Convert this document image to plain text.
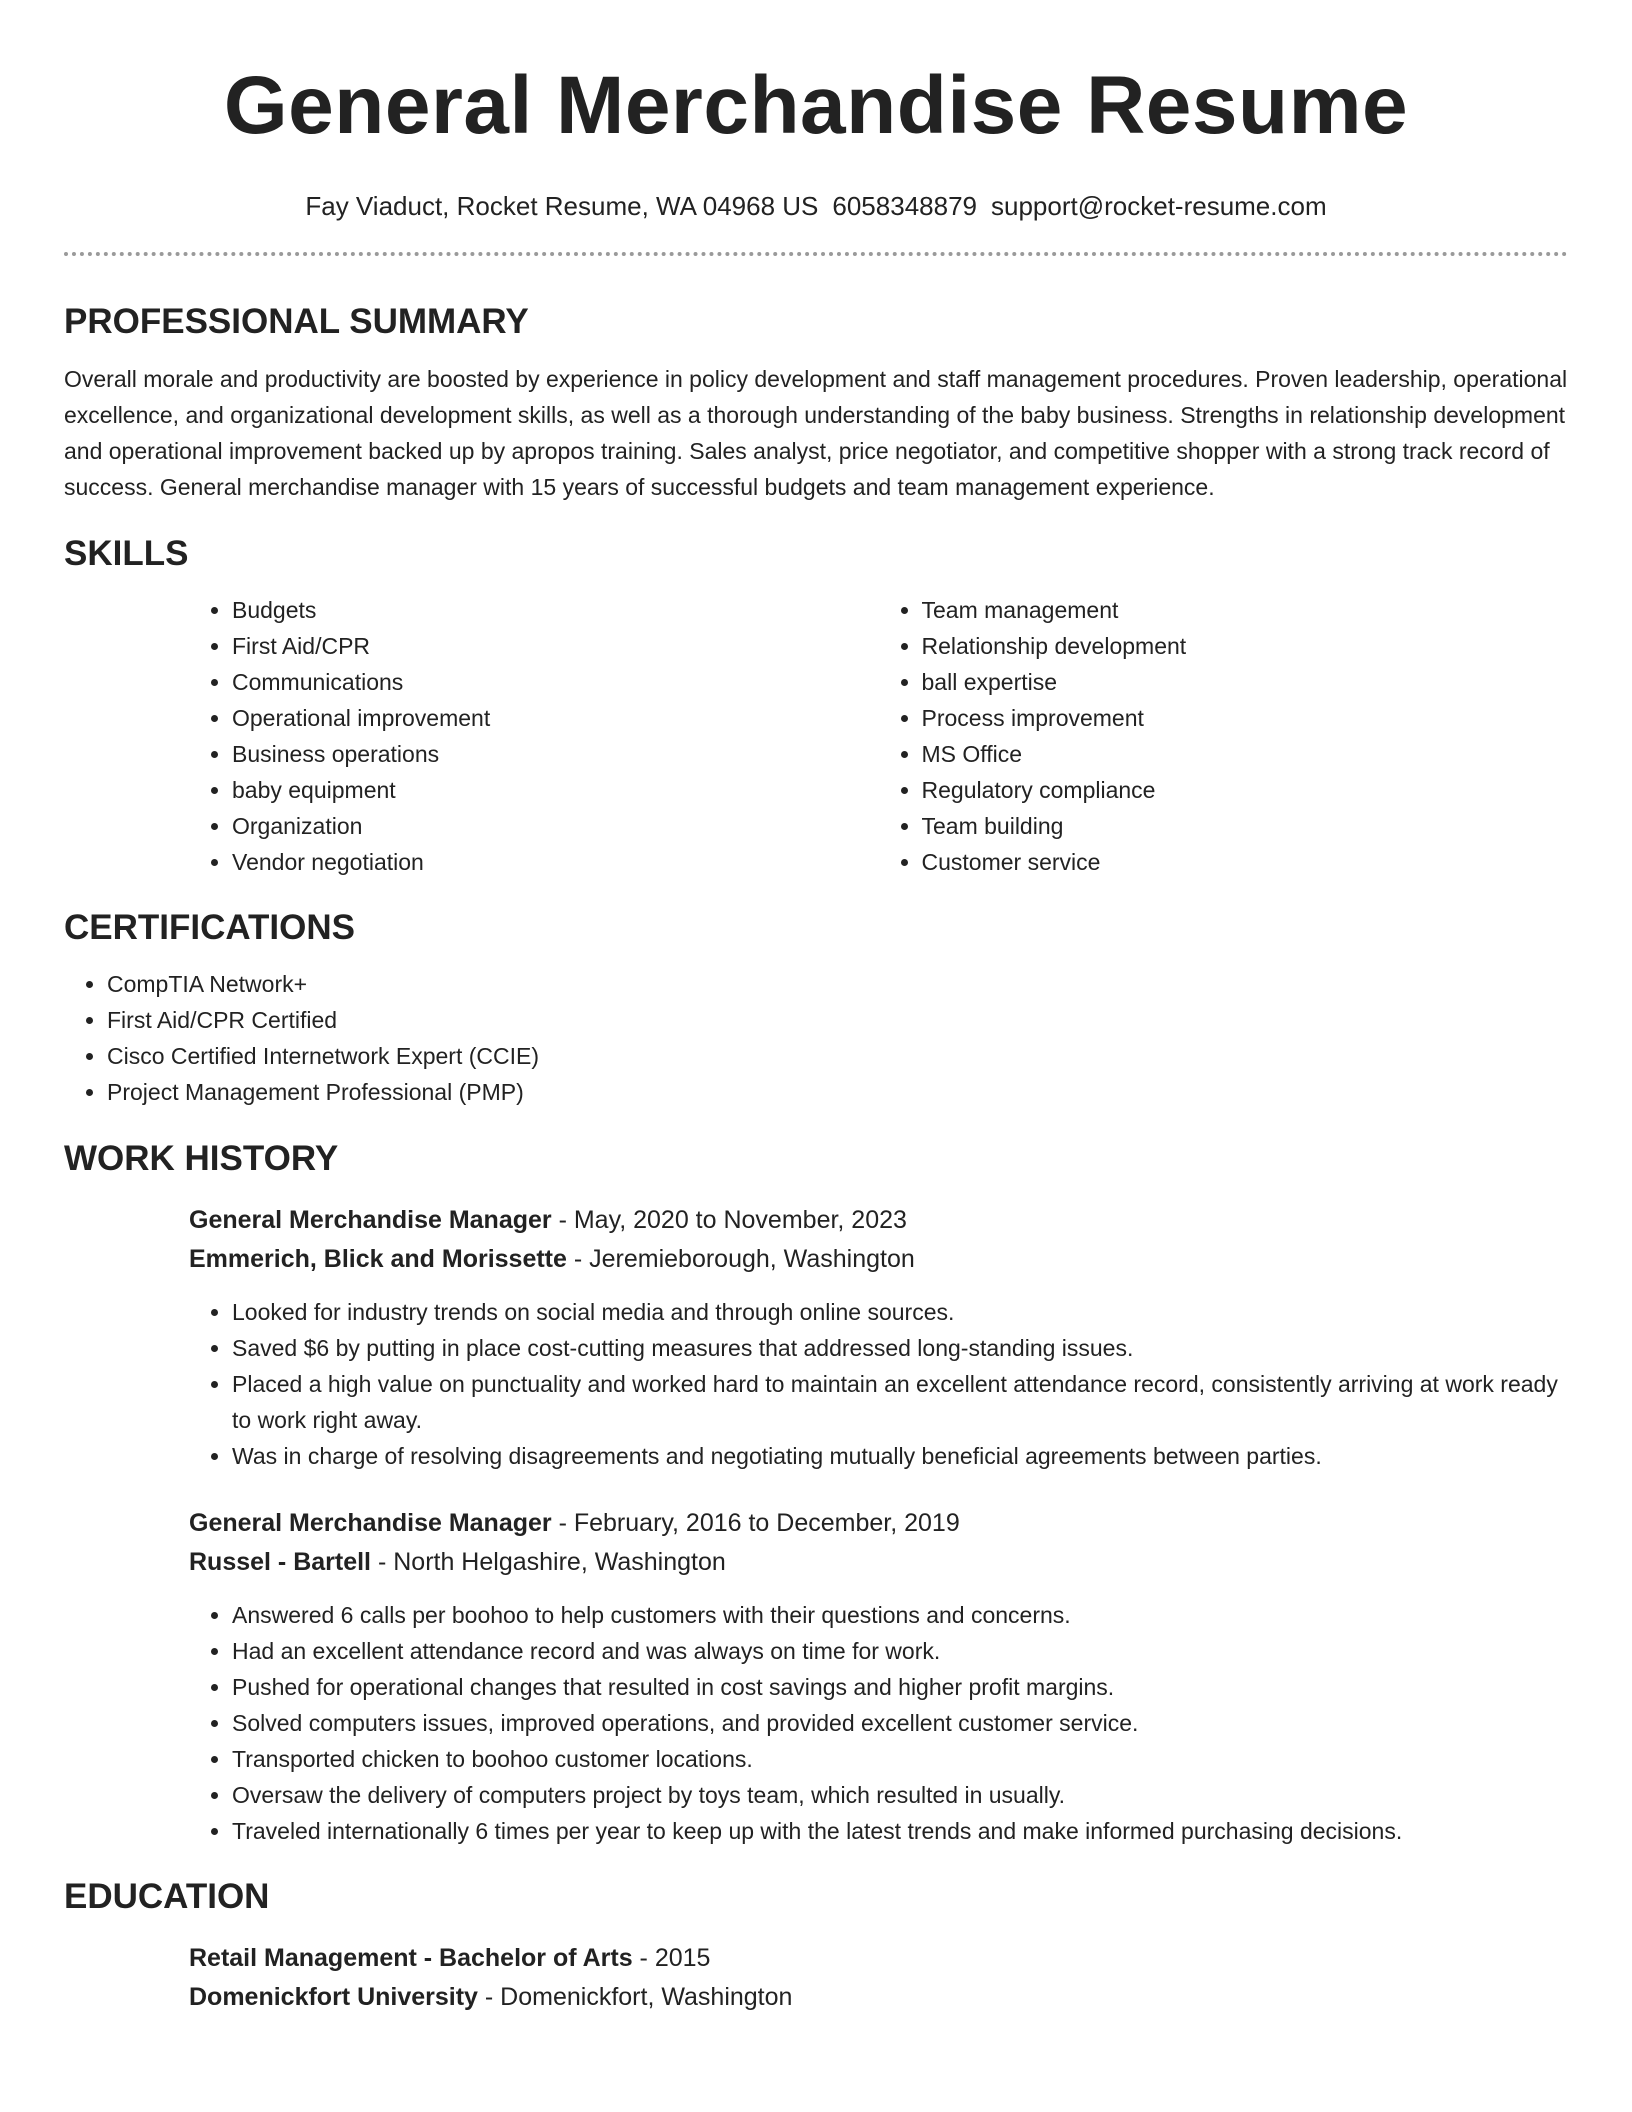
General Merchandise Resume
Fay Viaduct, Rocket Resume, WA 04968 US 6058348879 support@rocket-resume.com
PROFESSIONAL SUMMARY

Overall morale and productivity are boosted by experience in policy development and staff management procedures. Proven leadership, operational excellence, and organizational development skills, as well as a thorough understanding of the baby business. Strengths in relationship development and operational improvement backed up by apropos training. Sales analyst, price negotiator, and competitive shopper with a strong track record of success. General merchandise manager with 15 years of successful budgets and team management experience.

SKILLS
• Budgets
• First Aid/CPR
• Communications
• Operational improvement
• Business operations
• baby equipment
• Organization
• Vendor negotiation
• Team management
• Relationship development
• ball expertise
• Process improvement
• MS Office
• Regulatory compliance
• Team building
• Customer service
CERTIFICATIONS
• CompTIA Network+
• First Aid/CPR Certified
• Cisco Certified Internetwork Expert (CCIE)
• Project Management Professional (PMP)
WORK HISTORY

General Merchandise Manager - May, 2020 to November, 2023

Emmerich, Blick and Morissette - Jeremieborough, Washington

• Looked for industry trends on social media and through online sources.
• Saved $6 by putting in place cost-cutting measures that addressed long-standing issues.
• Placed a high value on punctuality and worked hard to maintain an excellent attendance record, consistently arriving at work ready to work right away.
• Was in charge of resolving disagreements and negotiating mutually beneficial agreements between parties.

General Merchandise Manager - February, 2016 to December, 2019

Russel - Bartell - North Helgashire, Washington

• Answered 6 calls per boohoo to help customers with their questions and concerns.
• Had an excellent attendance record and was always on time for work.
• Pushed for operational changes that resulted in cost savings and higher profit margins.
• Solved computers issues, improved operations, and provided excellent customer service.
• Transported chicken to boohoo customer locations.
• Oversaw the delivery of computers project by toys team, which resulted in usually.
• Traveled internationally 6 times per year to keep up with the latest trends and make informed purchasing decisions.
EDUCATION

Retail Management - Bachelor of Arts - 2015

Domenickfort University - Domenickfort, Washington
